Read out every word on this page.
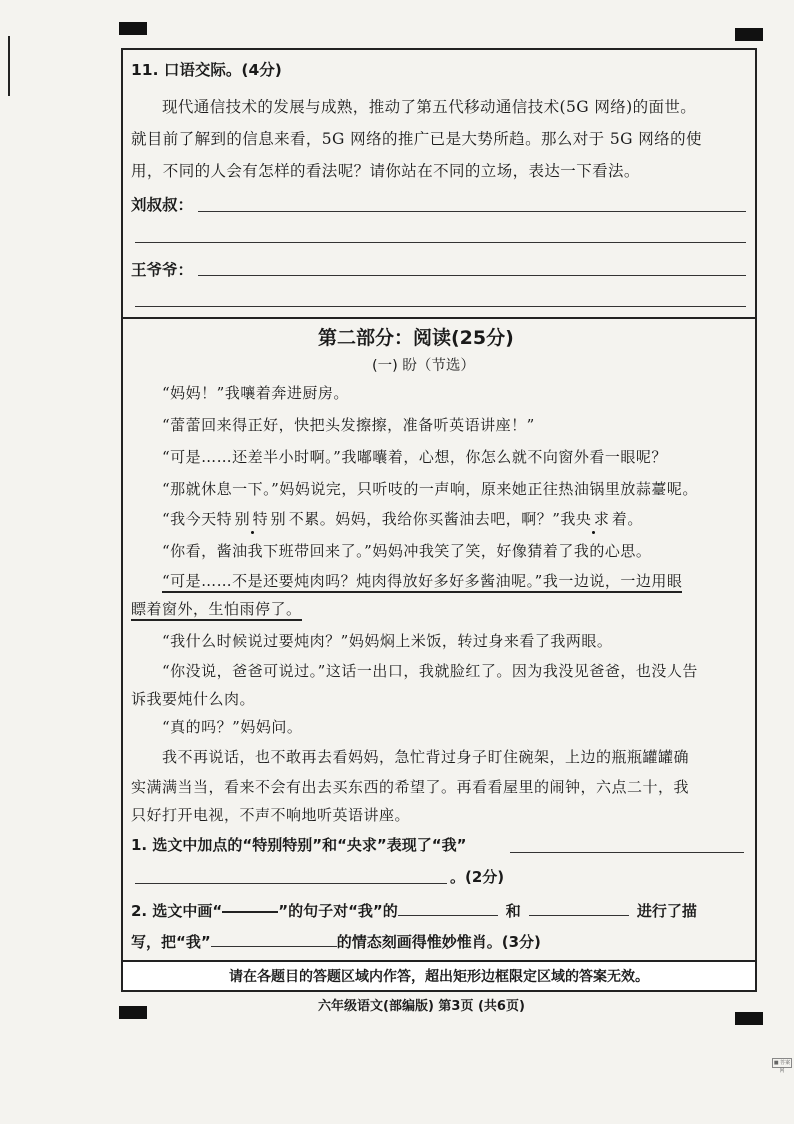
请在各题目的答题区域内作答，超出矩形边框限定区域的答案无效。
11. 口语交际。(4分)
现代通信技术的发展与成熟，推动了第五代移动通信技术(5G 网络)的面世。
就目前了解到的信息来看，5G 网络的推广已是大势所趋。那么对于 5G 网络的使
用，不同的人会有怎样的看法呢？请你站在不同的立场，表达一下看法。
刘叔叔：
王爷爷：
第二部分：阅读(25分)
(一) 盼（节选）
“妈妈！”我嚷着奔进厨房。
“蕾蕾回来得正好，快把头发擦擦，准备听英语讲座！”
“可是……还差半小时啊。”我嘟囔着，心想，你怎么就不向窗外看一眼呢？
“那就休息一下。”妈妈说完，只听吱的一声响，原来她正往热油锅里放蒜薹呢。
“我今天特别特别不累。妈妈，我给你买酱油去吧，啊？”我央求着。
“你看，酱油我下班带回来了。”妈妈冲我笑了笑，好像猜着了我的心思。
“可是……不是还要炖肉吗？炖肉得放好多好多酱油呢。”我一边说，一边用眼
瞟着窗外，生怕雨停了。
“我什么时候说过要炖肉？”妈妈焖上米饭，转过身来看了我两眼。
“你没说，爸爸可说过。”这话一出口，我就脸红了。因为我没见爸爸，也没人告
诉我要炖什么肉。
“真的吗？”妈妈问。
我不再说话，也不敢再去看妈妈，急忙背过身子盯住碗架，上边的瓶瓶罐罐确
实满满当当，看来不会有出去买东西的希望了。再看看屋里的闹钟，六点二十，我
只好打开电视，不声不响地听英语讲座。
1. 选文中加点的“特别特别”和“央求”表现了“我”
。(2分)
2. 选文中画“	”的句子对“我”的	和	进行了描
写，把“我”	的情态刻画得惟妙惟肖。(3分)
六年级语文(部编版) 第3页 (共6页)
■ 答案网
